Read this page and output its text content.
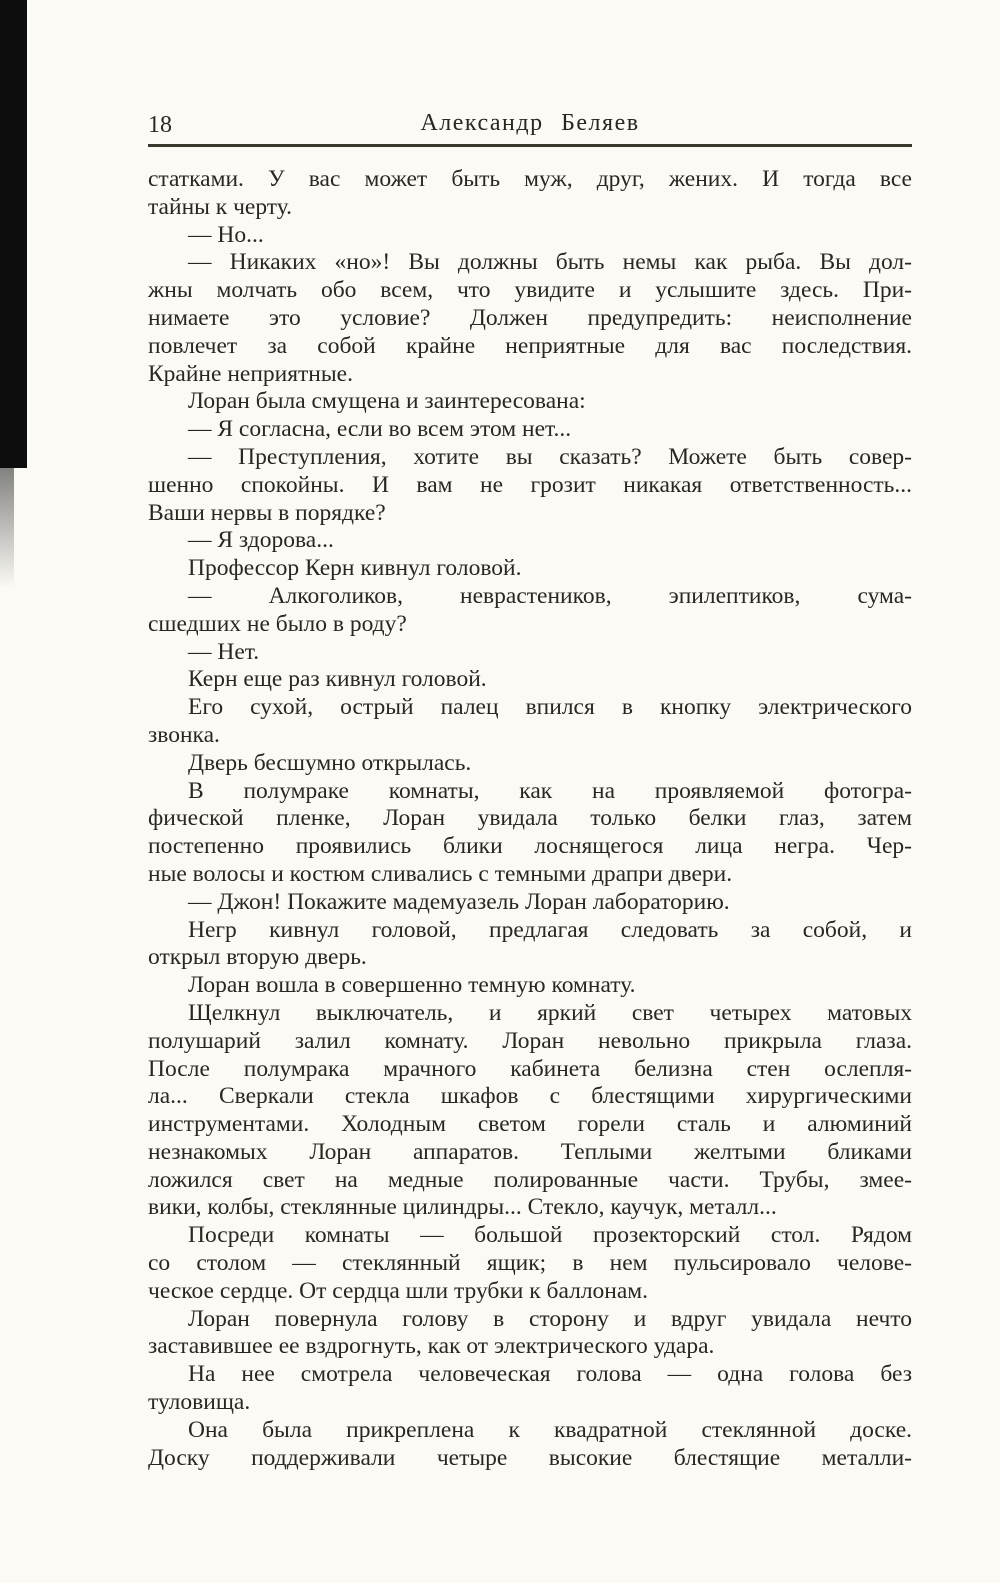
18	Александр Беляев
статками. У вас может быть муж, друг, жених. И тогда все
тайны к черту.
— Но...
— Никаких «но»! Вы должны быть немы как рыба. Вы дол-
жны молчать обо всем, что увидите и услышите здесь. При-
нимаете это условие? Должен предупредить: неисполнение
повлечет за собой крайне неприятные для вас последствия.
Крайне неприятные.
Лоран была смущена и заинтересована:
— Я согласна, если во всем этом нет...
— Преступления, хотите вы сказать? Можете быть совер-
шенно спокойны. И вам не грозит никакая ответственность...
Ваши нервы в порядке?
— Я здорова...
Профессор Керн кивнул головой.
— Алкоголиков, неврастеников, эпилептиков, сума-
сшедших не было в роду?
— Нет.
Керн еще раз кивнул головой.
Его сухой, острый палец впился в кнопку электрического
звонка.
Дверь бесшумно открылась.
В полумраке комнаты, как на проявляемой фотогра-
фической пленке, Лоран увидала только белки глаз, затем
постепенно проявились блики лоснящегося лица негра. Чер-
ные волосы и костюм сливались с темными драпри двери.
— Джон! Покажите мадемуазель Лоран лабораторию.
Негр кивнул головой, предлагая следовать за собой, и
открыл вторую дверь.
Лоран вошла в совершенно темную комнату.
Щелкнул выключатель, и яркий свет четырех матовых
полушарий залил комнату. Лоран невольно прикрыла глаза.
После полумрака мрачного кабинета белизна стен ослепля-
ла... Сверкали стекла шкафов с блестящими хирургическими
инструментами. Холодным светом горели сталь и алюминий
незнакомых Лоран аппаратов. Теплыми желтыми бликами
ложился свет на медные полированные части. Трубы, змее-
вики, колбы, стеклянные цилиндры... Стекло, каучук, металл...
Посреди комнаты — большой прозекторский стол. Рядом
со столом — стеклянный ящик; в нем пульсировало челове-
ческое сердце. От сердца шли трубки к баллонам.
Лоран повернула голову в сторону и вдруг увидала нечто
заставившее ее вздрогнуть, как от электрического удара.
На нее смотрела человеческая голова — одна голова без
туловища.
Она была прикреплена к квадратной стеклянной доске.
Доску поддерживали четыре высокие блестящие металли-
